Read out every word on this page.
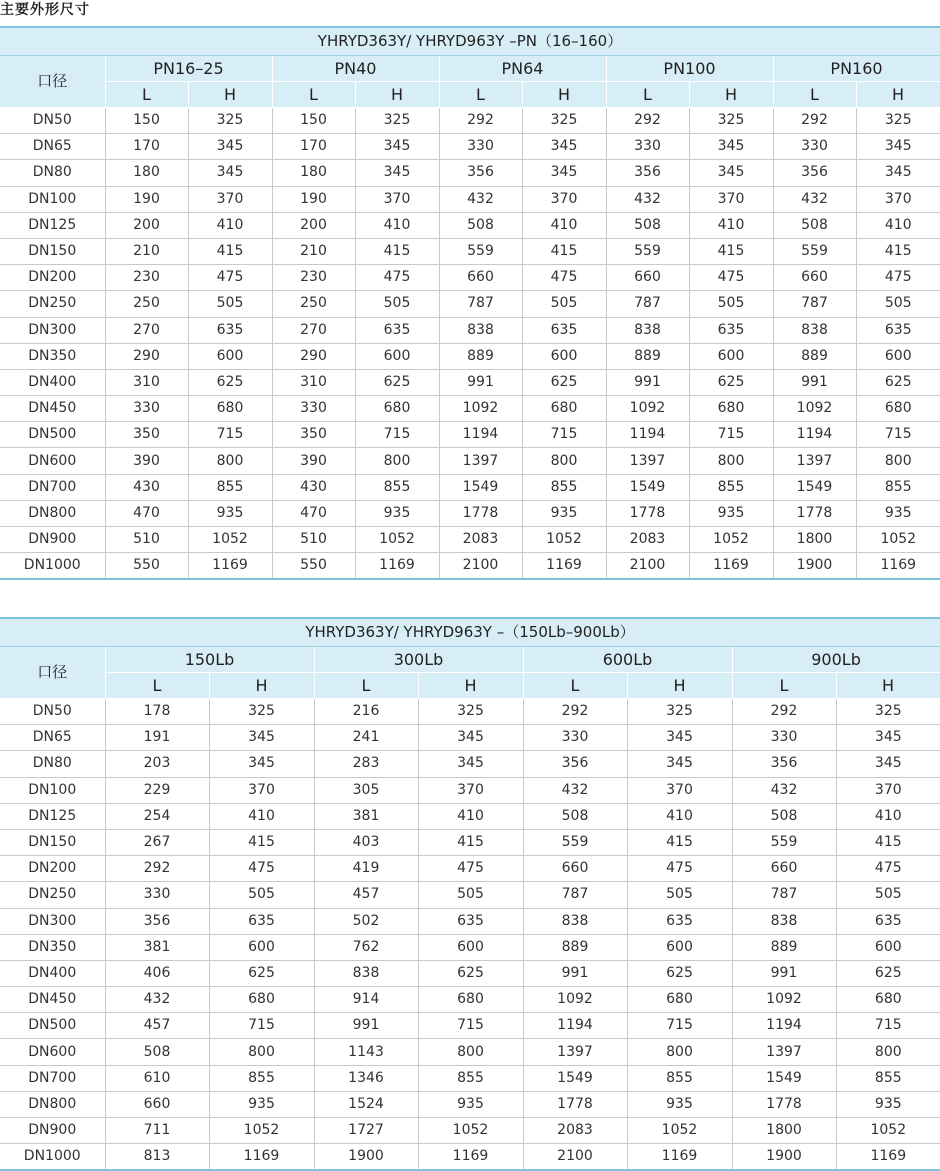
主要外形尺寸
YHRYD363Y/ YHRYD963Y –PN（16–160）										
口径	PN16–25		PN40		PN64		PN100		PN160	
	L	H	L	H	L	H	L	H	L	H
DN50	150	325	150	325	292	325	292	325	292	325
DN65	170	345	170	345	330	345	330	345	330	345
DN80	180	345	180	345	356	345	356	345	356	345
DN100	190	370	190	370	432	370	432	370	432	370
DN125	200	410	200	410	508	410	508	410	508	410
DN150	210	415	210	415	559	415	559	415	559	415
DN200	230	475	230	475	660	475	660	475	660	475
DN250	250	505	250	505	787	505	787	505	787	505
DN300	270	635	270	635	838	635	838	635	838	635
DN350	290	600	290	600	889	600	889	600	889	600
DN400	310	625	310	625	991	625	991	625	991	625
DN450	330	680	330	680	1092	680	1092	680	1092	680
DN500	350	715	350	715	1194	715	1194	715	1194	715
DN600	390	800	390	800	1397	800	1397	800	1397	800
DN700	430	855	430	855	1549	855	1549	855	1549	855
DN800	470	935	470	935	1778	935	1778	935	1778	935
DN900	510	1052	510	1052	2083	1052	2083	1052	1800	1052
DN1000	550	1169	550	1169	2100	1169	2100	1169	1900	1169
YHRYD363Y/ YHRYD963Y –（150Lb–900Lb）								
口径	150Lb		300Lb		600Lb		900Lb	
	L	H	L	H	L	H	L	H
DN50	178	325	216	325	292	325	292	325
DN65	191	345	241	345	330	345	330	345
DN80	203	345	283	345	356	345	356	345
DN100	229	370	305	370	432	370	432	370
DN125	254	410	381	410	508	410	508	410
DN150	267	415	403	415	559	415	559	415
DN200	292	475	419	475	660	475	660	475
DN250	330	505	457	505	787	505	787	505
DN300	356	635	502	635	838	635	838	635
DN350	381	600	762	600	889	600	889	600
DN400	406	625	838	625	991	625	991	625
DN450	432	680	914	680	1092	680	1092	680
DN500	457	715	991	715	1194	715	1194	715
DN600	508	800	1143	800	1397	800	1397	800
DN700	610	855	1346	855	1549	855	1549	855
DN800	660	935	1524	935	1778	935	1778	935
DN900	711	1052	1727	1052	2083	1052	1800	1052
DN1000	813	1169	1900	1169	2100	1169	1900	1169
